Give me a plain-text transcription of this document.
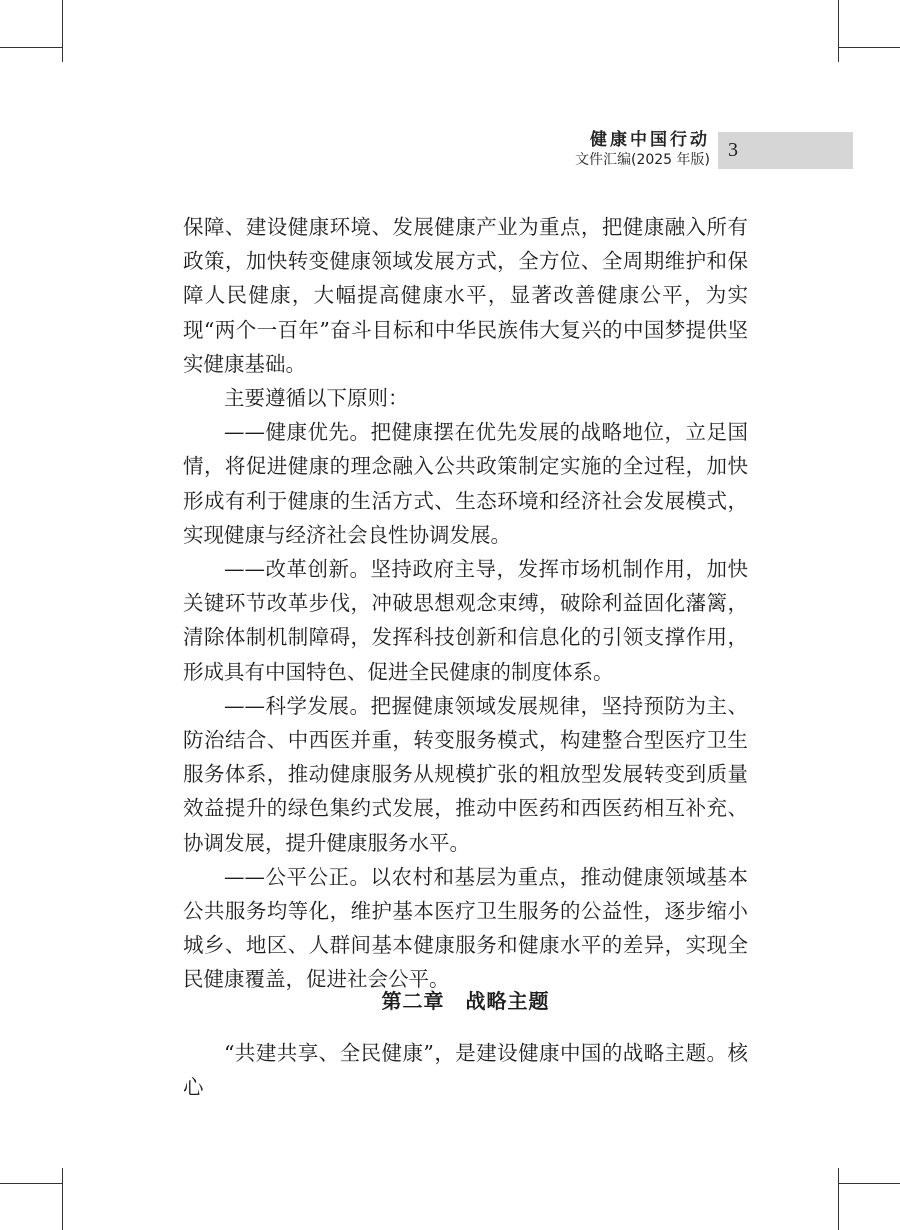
健康中国行动
文件汇编(2025 年版) 3

保障、建设健康环境、发展健康产业为重点，把健康融入所有政策，加快转变健康领域发展方式，全方位、全周期维护和保障人民健康，大幅提高健康水平，显著改善健康公平，为实现“两个一百年”奋斗目标和中华民族伟大复兴的中国梦提供坚实健康基础。

主要遵循以下原则：

——健康优先。把健康摆在优先发展的战略地位，立足国情，将促进健康的理念融入公共政策制定实施的全过程，加快形成有利于健康的生活方式、生态环境和经济社会发展模式，实现健康与经济社会良性协调发展。

——改革创新。坚持政府主导，发挥市场机制作用，加快关键环节改革步伐，冲破思想观念束缚，破除利益固化藩篱，清除体制机制障碍，发挥科技创新和信息化的引领支撑作用，形成具有中国特色、促进全民健康的制度体系。

——科学发展。把握健康领域发展规律，坚持预防为主、防治结合、中西医并重，转变服务模式，构建整合型医疗卫生服务体系，推动健康服务从规模扩张的粗放型发展转变到质量效益提升的绿色集约式发展，推动中医药和西医药相互补充、协调发展，提升健康服务水平。

——公平公正。以农村和基层为重点，推动健康领域基本公共服务均等化，维护基本医疗卫生服务的公益性，逐步缩小城乡、地区、人群间基本健康服务和健康水平的差异，实现全民健康覆盖，促进社会公平。

第二章　战略主题

“共建共享、全民健康”，是建设健康中国的战略主题。核心
